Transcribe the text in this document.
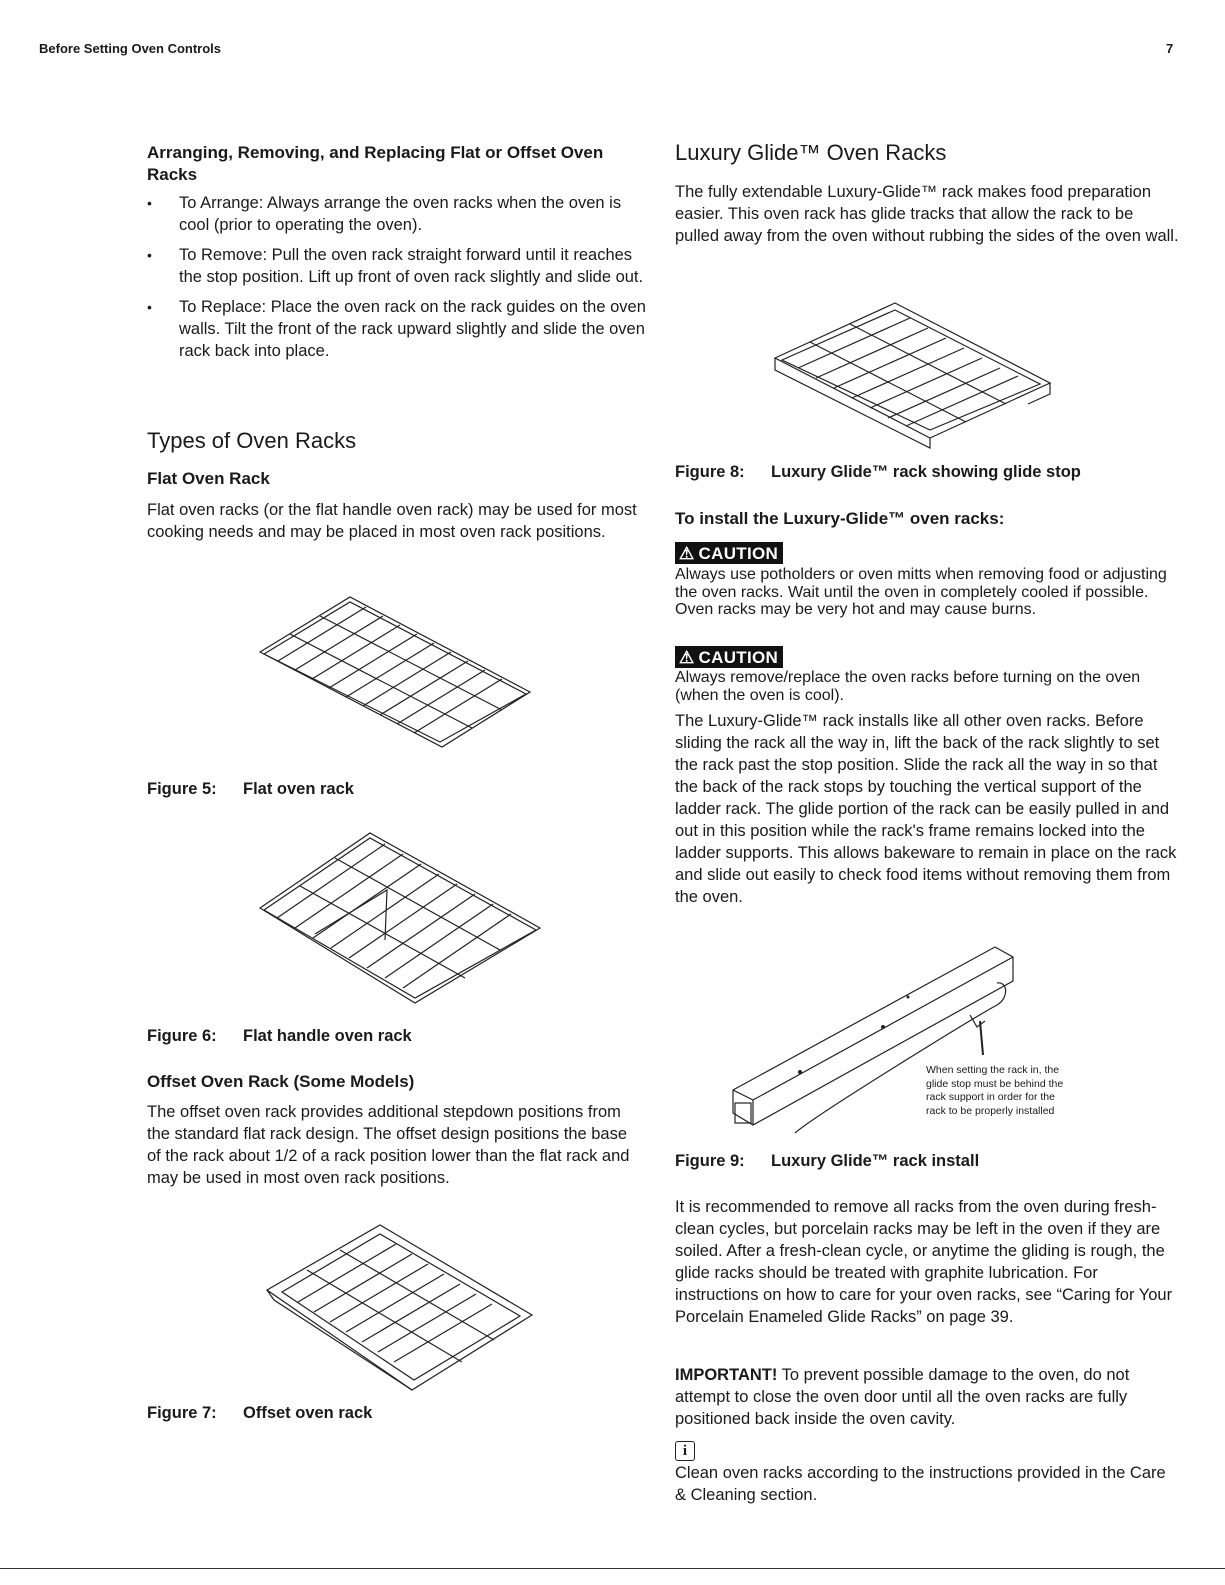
Before Setting Oven Controls	7
Arranging, Removing, and Replacing Flat or Offset Oven Racks
• To Arrange: Always arrange the oven racks when the oven is cool (prior to operating the oven).
• To Remove: Pull the oven rack straight forward until it reaches the stop position. Lift up front of oven rack slightly and slide out.
• To Replace: Place the oven rack on the rack guides on the oven walls. Tilt the front of the rack upward slightly and slide the oven rack back into place.
Types of Oven Racks
Flat Oven Rack
Flat oven racks (or the flat handle oven rack) may be used for most cooking needs and may be placed in most oven rack positions.
Figure 5: Flat oven rack
Figure 6: Flat handle oven rack
Offset Oven Rack (Some Models)
The offset oven rack provides additional stepdown positions from the standard flat rack design. The offset design positions the base of the rack about 1/2 of a rack position lower than the flat rack and may be used in most oven rack positions.
Figure 7: Offset oven rack
Luxury Glide™ Oven Racks
The fully extendable Luxury-Glide™ rack makes food preparation easier. This oven rack has glide tracks that allow the rack to be pulled away from the oven without rubbing the sides of the oven wall.
Figure 8: Luxury Glide™ rack showing glide stop
To install the Luxury-Glide™ oven racks:
⚠ CAUTION
Always use potholders or oven mitts when removing food or adjusting the oven racks. Wait until the oven in completely cooled if possible. Oven racks may be very hot and may cause burns.
⚠ CAUTION
Always remove/replace the oven racks before turning on the oven (when the oven is cool).
The Luxury-Glide™ rack installs like all other oven racks. Before sliding the rack all the way in, lift the back of the rack slightly to set the rack past the stop position. Slide the rack all the way in so that the back of the rack stops by touching the vertical support of the ladder rack. The glide portion of the rack can be easily pulled in and out in this position while the rack's frame remains locked into the ladder supports. This allows bakeware to remain in place on the rack and slide out easily to check food items without removing them from the oven.
When setting the rack in, the glide stop must be behind the rack support in order for the rack to be properly installed
Figure 9: Luxury Glide™ rack install
It is recommended to remove all racks from the oven during fresh-clean cycles, but porcelain racks may be left in the oven if they are soiled. After a fresh-clean cycle, or anytime the gliding is rough, the glide racks should be treated with graphite lubrication. For instructions on how to care for your oven racks, see “Caring for Your Porcelain Enameled Glide Racks” on page 39.
IMPORTANT! To prevent possible damage to the oven, do not attempt to close the oven door until all the oven racks are fully positioned back inside the oven cavity.
i
Clean oven racks according to the instructions provided in the Care & Cleaning section.
